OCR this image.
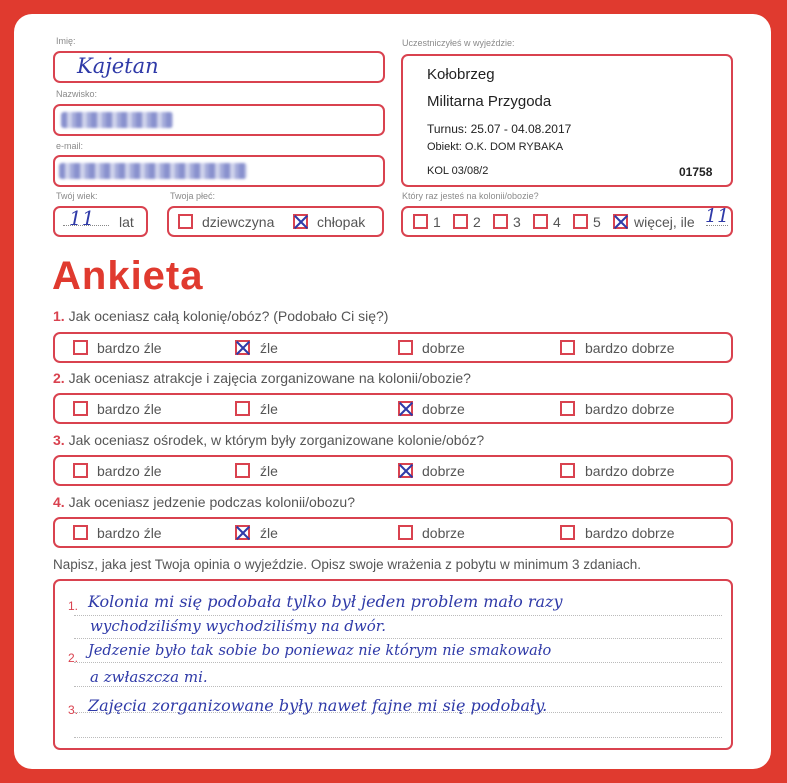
Imię:
Kajetan
Nazwisko:
e-mail:
Uczestniczyłeś w wyjeździe:
Kołobrzeg
Militarna Przygoda
Turnus: 25.07 - 04.08.2017
Obiekt: O.K. DOM RYBAKA
KOL 03/08/2	01758
Twój wiek:
11 lat
Twoja płeć:
dziewczyna	chłopak
Który raz jesteś na kolonii/obozie?
1 2 3 4 5 więcej, ile 11
Ankieta
1. Jak oceniasz całą kolonię/obóz? (Podobało Ci się?)
bardzo źle	źle	dobrze	bardzo dobrze
2. Jak oceniasz atrakcje i zajęcia zorganizowane na kolonii/obozie?
bardzo źle	źle	dobrze	bardzo dobrze
3. Jak oceniasz ośrodek, w którym były zorganizowane kolonie/obóz?
bardzo źle	źle	dobrze	bardzo dobrze
4. Jak oceniasz jedzenie podczas kolonii/obozu?
bardzo źle	źle	dobrze	bardzo dobrze
Napisz, jaka jest Twoja opinia o wyjeździe. Opisz swoje wrażenia z pobytu w minimum 3 zdaniach.
1.
2.
3.
Kolonia mi się podobała tylko był jeden problem mało razy
wychodziliśmy wychodziliśmy na dwór.
Jedzenie było tak sobie bo poniewaz nie którym nie smakowało
a zwłaszcza mi.
Zajęcia zorganizowane były nawet fajne mi się podobały.
